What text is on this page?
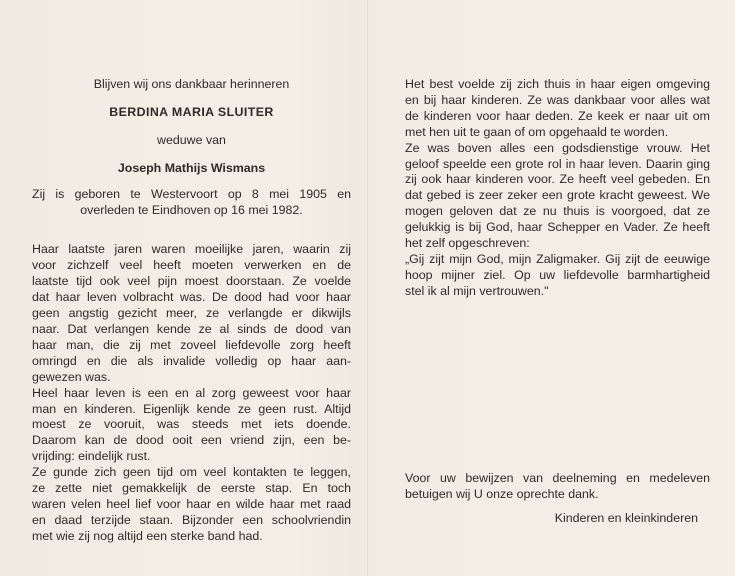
Blijven wij ons dankbaar herinneren
BERDINA MARIA SLUITER
weduwe van
Joseph Mathijs Wismans
Zij is geboren te Westervoort op 8 mei 1905 en
overleden te Eindhoven op 16 mei 1982.
Haar laatste jaren waren moeilijke jaren, waarin zij
voor zichzelf veel heeft moeten verwerken en de
laatste tijd ook veel pijn moest doorstaan. Ze voelde
dat haar leven volbracht was. De dood had voor haar
geen angstig gezicht meer, ze verlangde er dikwijls
naar. Dat verlangen kende ze al sinds de dood van
haar man, die zij met zoveel liefdevolle zorg heeft
omringd en die als invalide volledig op haar aan-
gewezen was.
Heel haar leven is een en al zorg geweest voor haar
man en kinderen. Eigenlijk kende ze geen rust. Altijd
moest ze vooruit, was steeds met iets doende.
Daarom kan de dood ooit een vriend zijn, een be-
vrijding: eindelijk rust.
Ze gunde zich geen tijd om veel kontakten te leggen,
ze zette niet gemakkelijk de eerste stap. En toch
waren velen heel lief voor haar en wilde haar met raad
en daad terzijde staan. Bijzonder een schoolvriendin
met wie zij nog altijd een sterke band had.
Het best voelde zij zich thuis in haar eigen omgeving
en bij haar kinderen. Ze was dankbaar voor alles wat
de kinderen voor haar deden. Ze keek er naar uit om
met hen uit te gaan of om opgehaald te worden.
Ze was boven alles een godsdienstige vrouw. Het
geloof speelde een grote rol in haar leven. Daarin ging
zij ook haar kinderen voor. Ze heeft veel gebeden. En
dat gebed is zeer zeker een grote kracht geweest. We
mogen geloven dat ze nu thuis is voorgoed, dat ze
gelukkig is bij God, haar Schepper en Vader. Ze heeft
het zelf opgeschreven:
„Gij zijt mijn God, mijn Zaligmaker. Gij zijt de eeuwige
hoop mijner ziel. Op uw liefdevolle barmhartigheid
stel ik al mijn vertrouwen."
Voor uw bewijzen van deelneming en medeleven
betuigen wij U onze oprechte dank.
Kinderen en kleinkinderen
